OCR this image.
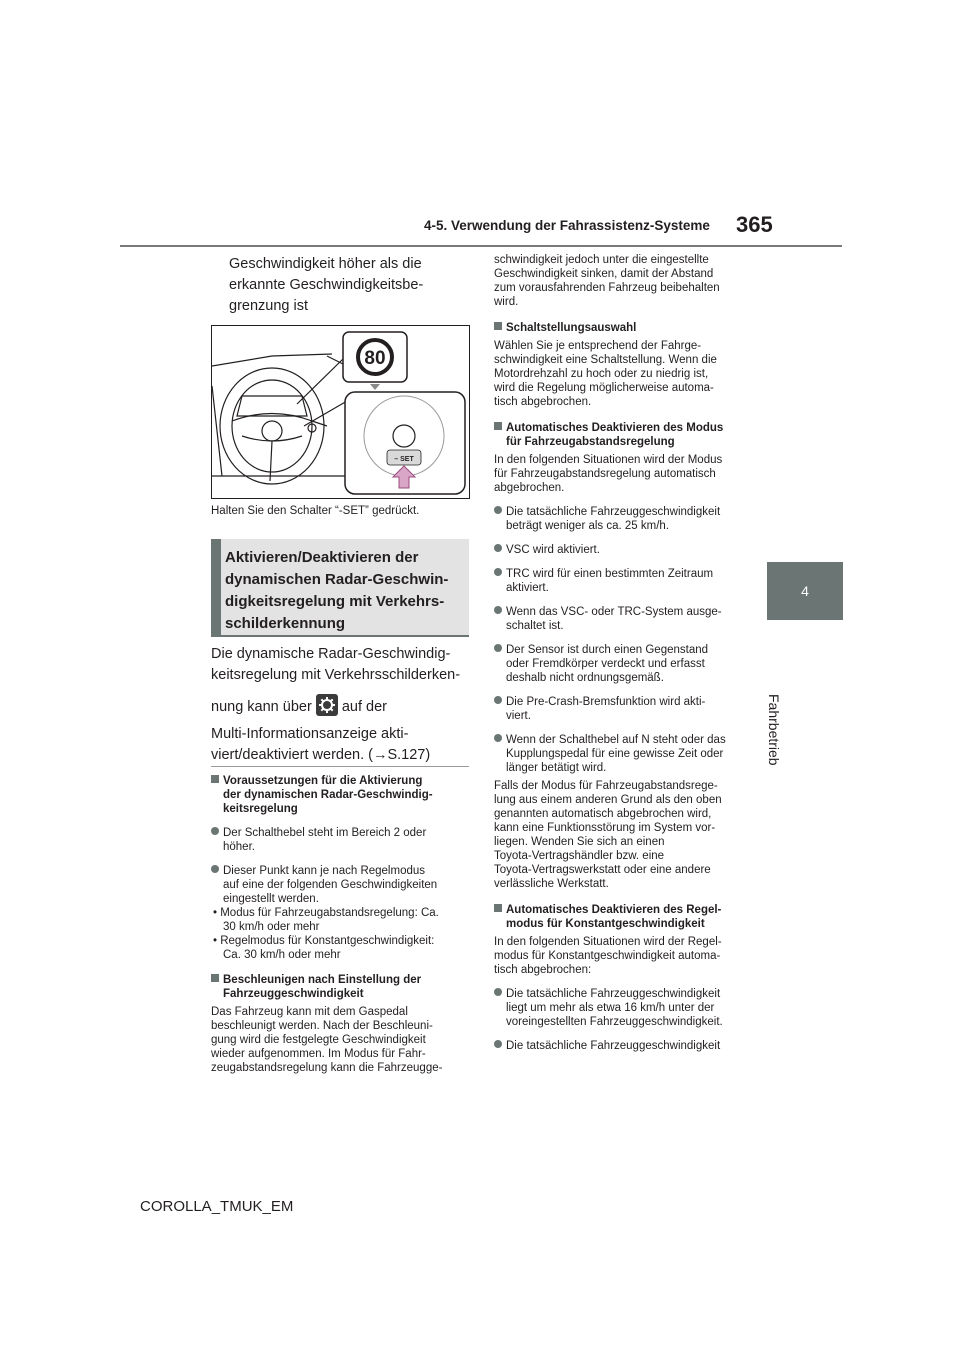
4-5. Verwendung der Fahrassistenz-Systeme 365
4
Fahrbetrieb
Geschwindigkeit höher als die
erkannte Geschwindigkeitsbe-
grenzung ist
80
– SET
Halten Sie den Schalter “-SET” gedrückt.
Aktivieren/Deaktivieren der
dynamischen Radar-Geschwin-
digkeitsregelung mit Verkehrs-
schilderkennung
Die dynamische Radar-Geschwindig-
keitsregelung mit Verkehrsschilderken-
nung kann über auf der
Multi-Informationsanzeige akti-
viert/deaktiviert werden. (→S.127)
Voraussetzungen für die Aktivierung
der dynamischen Radar-Geschwindig-
keitsregelung
Der Schalthebel steht im Bereich 2 oder
höher.
Dieser Punkt kann je nach Regelmodus
auf eine der folgenden Geschwindigkeiten
eingestellt werden.
• Modus für Fahrzeugabstandsregelung: Ca.
30 km/h oder mehr
• Regelmodus für Konstantgeschwindigkeit:
Ca. 30 km/h oder mehr
Beschleunigen nach Einstellung der
Fahrzeuggeschwindigkeit
Das Fahrzeug kann mit dem Gaspedal
beschleunigt werden. Nach der Beschleuni-
gung wird die festgelegte Geschwindigkeit
wieder aufgenommen. Im Modus für Fahr-
zeugabstandsregelung kann die Fahrzeugge-
schwindigkeit jedoch unter die eingestellte
Geschwindigkeit sinken, damit der Abstand
zum vorausfahrenden Fahrzeug beibehalten
wird.
Schaltstellungsauswahl
Wählen Sie je entsprechend der Fahrge-
schwindigkeit eine Schaltstellung. Wenn die
Motordrehzahl zu hoch oder zu niedrig ist,
wird die Regelung möglicherweise automa-
tisch abgebrochen.
Automatisches Deaktivieren des Modus
für Fahrzeugabstandsregelung
In den folgenden Situationen wird der Modus
für Fahrzeugabstandsregelung automatisch
abgebrochen.
Die tatsächliche Fahrzeuggeschwindigkeit
beträgt weniger als ca. 25 km/h.
VSC wird aktiviert.
TRC wird für einen bestimmten Zeitraum
aktiviert.
Wenn das VSC- oder TRC-System ausge-
schaltet ist.
Der Sensor ist durch einen Gegenstand
oder Fremdkörper verdeckt und erfasst
deshalb nicht ordnungsgemäß.
Die Pre-Crash-Bremsfunktion wird akti-
viert.
Wenn der Schalthebel auf N steht oder das
Kupplungspedal für eine gewisse Zeit oder
länger betätigt wird.
Falls der Modus für Fahrzeugabstandsrege-
lung aus einem anderen Grund als den oben
genannten automatisch abgebrochen wird,
kann eine Funktionsstörung im System vor-
liegen. Wenden Sie sich an einen
Toyota-Vertragshändler bzw. eine
Toyota-Vertragswerkstatt oder eine andere
verlässliche Werkstatt.
Automatisches Deaktivieren des Regel-
modus für Konstantgeschwindigkeit
In den folgenden Situationen wird der Regel-
modus für Konstantgeschwindigkeit automa-
tisch abgebrochen:
Die tatsächliche Fahrzeuggeschwindigkeit
liegt um mehr als etwa 16 km/h unter der
voreingestellten Fahrzeuggeschwindigkeit.
Die tatsächliche Fahrzeuggeschwindigkeit
COROLLA_TMUK_EM
